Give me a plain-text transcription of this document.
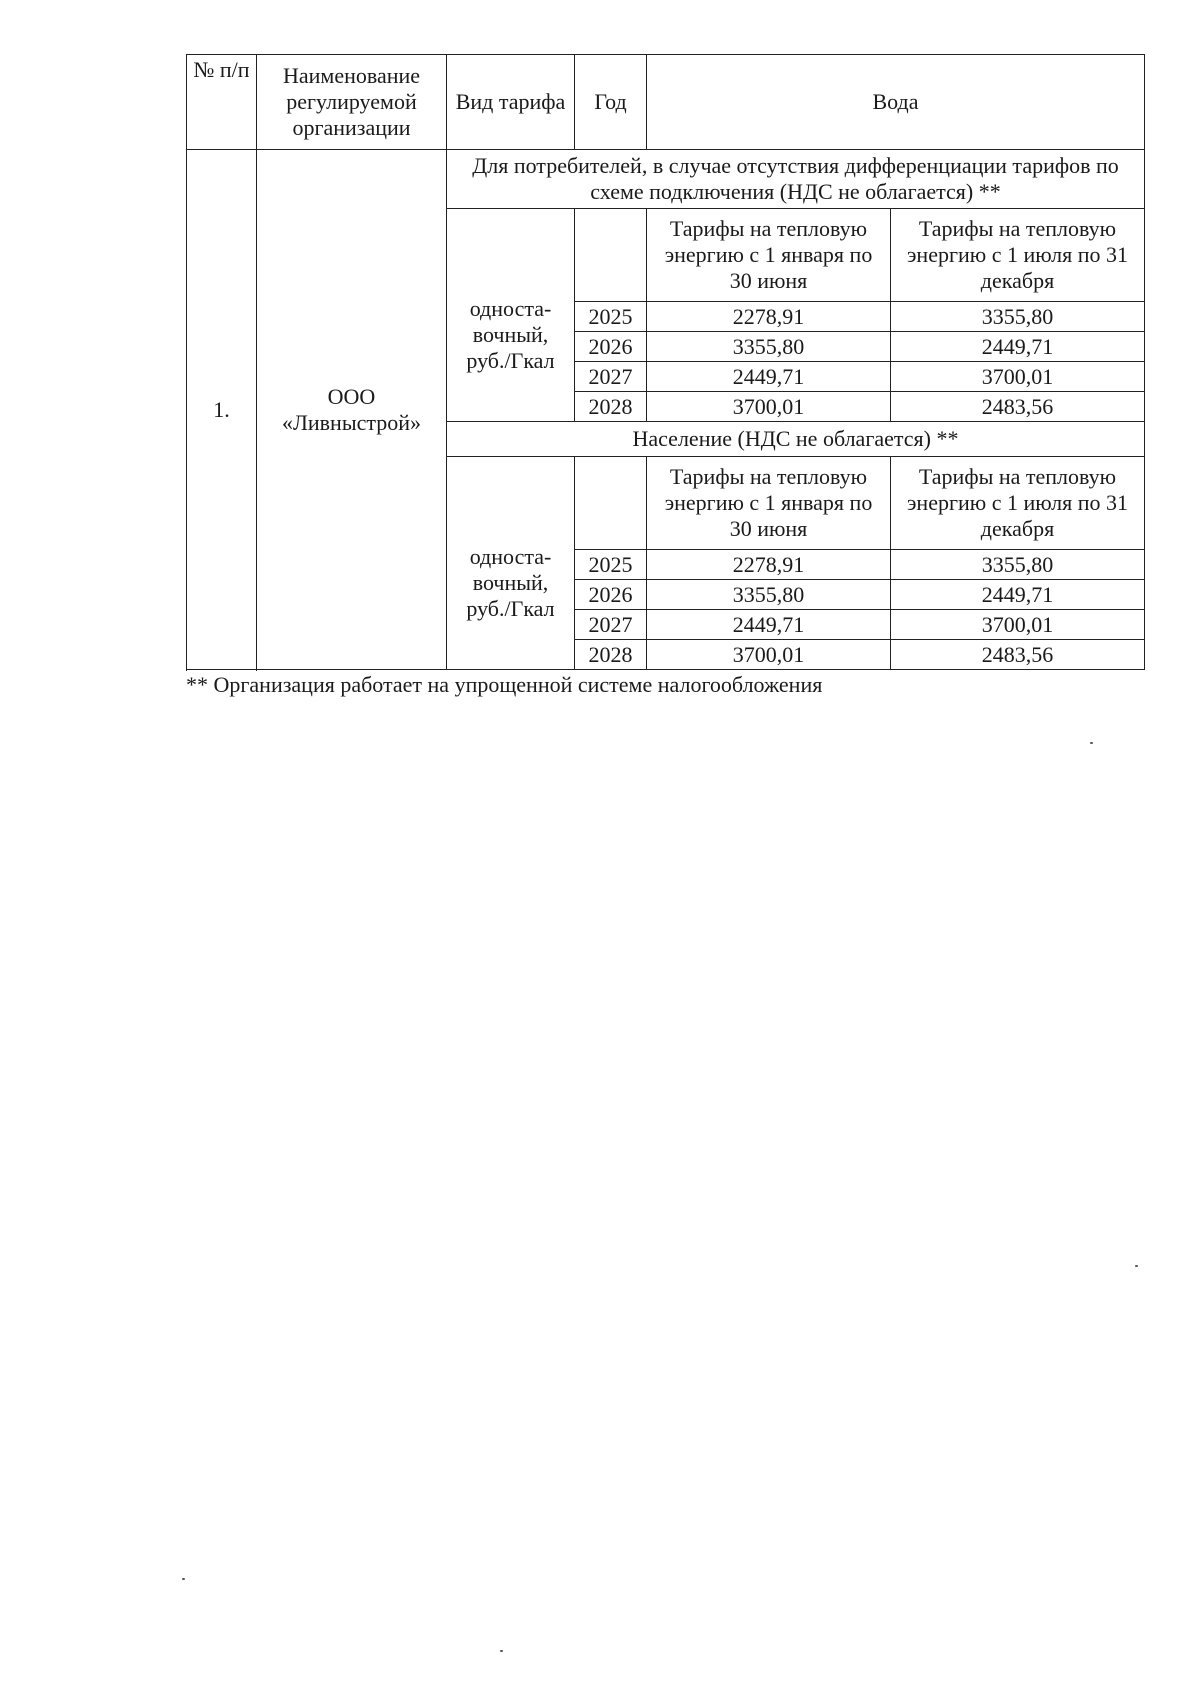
№ п/п	Наименование регулируемой организации	Вид тарифа	Год	Вода	
1.	ООО «Ливныстрой»	Для потребителей, в случае отсутствия дифференциации тарифов по схеме подключения (НДС не облагается) **			
		односта-вочный, руб./Гкал		Тарифы на тепловую энергию с 1 января по 30 июня	Тарифы на тепловую энергию с 1 июля по 31 декабря
			2025	2278,91	3355,80
			2026	3355,80	2449,71
			2027	2449,71	3700,01
			2028	3700,01	2483,56
		Население (НДС не облагается) **			
		односта-вочный, руб./Гкал		Тарифы на тепловую энергию с 1 января по 30 июня	Тарифы на тепловую энергию с 1 июля по 31 декабря
			2025	2278,91	3355,80
			2026	3355,80	2449,71
			2027	2449,71	3700,01
			2028	3700,01	2483,56

** Организация работает на упрощенной системе налогообложения
